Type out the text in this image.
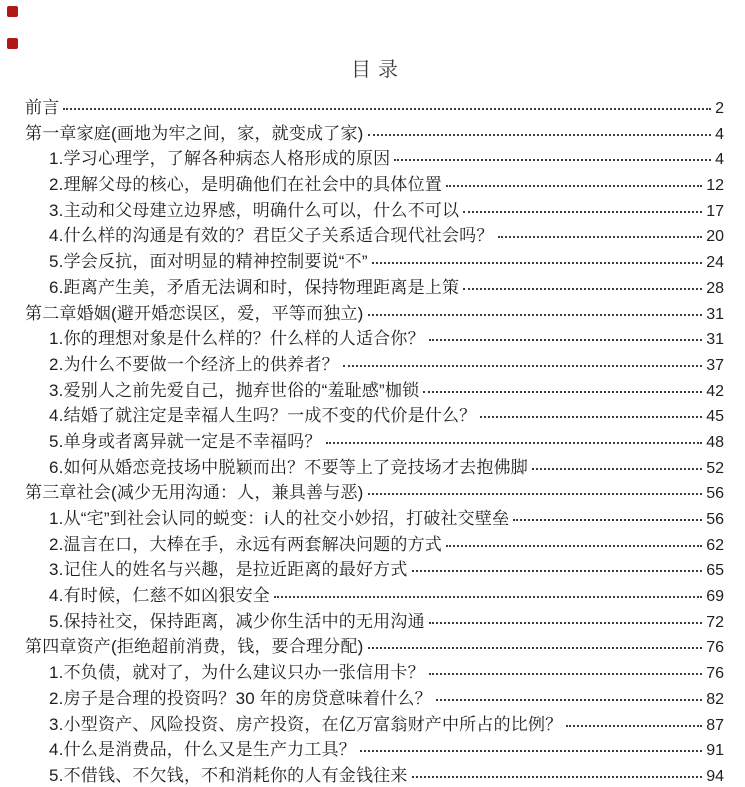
目录
前言	2
第一章家庭(画地为牢之间，家，就变成了家)	4
1.学习心理学，了解各种病态人格形成的原因	4
2.理解父母的核心，是明确他们在社会中的具体位置	12
3.主动和父母建立边界感，明确什么可以，什么不可以	17
4.什么样的沟通是有效的？君臣父子关系适合现代社会吗？	20
5.学会反抗，面对明显的精神控制要说“不”	24
6.距离产生美，矛盾无法调和时，保持物理距离是上策	28
第二章婚姻(避开婚恋误区，爱，平等而独立)	31
1.你的理想对象是什么样的？什么样的人适合你？	31
2.为什么不要做一个经济上的供养者？	37
3.爱别人之前先爱自己，抛弃世俗的“羞耻感”枷锁	42
4.结婚了就注定是幸福人生吗？一成不变的代价是什么？	45
5.单身或者离异就一定是不幸福吗？	48
6.如何从婚恋竞技场中脱颖而出？不要等上了竞技场才去抱佛脚	52
第三章社会(减少无用沟通：人，兼具善与恶)	56
1.从“宅”到社会认同的蜕变：i人的社交小妙招，打破社交壁垒	56
2.温言在口，大棒在手，永远有两套解决问题的方式	62
3.记住人的姓名与兴趣，是拉近距离的最好方式	65
4.有时候，仁慈不如凶狠安全	69
5.保持社交，保持距离，减少你生活中的无用沟通	72
第四章资产(拒绝超前消费，钱，要合理分配)	76
1.不负债，就对了，为什么建议只办一张信用卡？	76
2.房子是合理的投资吗？30 年的房贷意味着什么？	82
3.小型资产、风险投资、房产投资，在亿万富翁财产中所占的比例？	87
4.什么是消费品，什么又是生产力工具？	91
5.不借钱、不欠钱，不和消耗你的人有金钱往来	94
